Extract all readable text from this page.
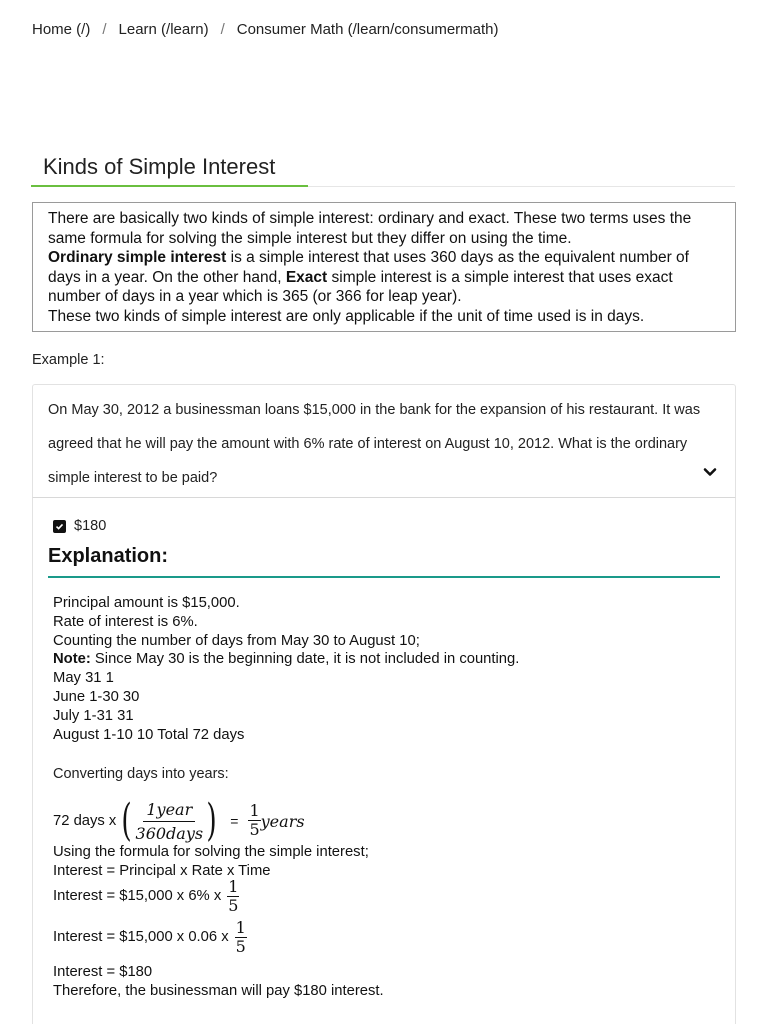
Home (/) / Learn (/learn) / Consumer Math (/learn/consumermath)
Kinds of Simple Interest
There are basically two kinds of simple interest: ordinary and exact. These two terms uses the same formula for solving the simple interest but they differ on using the time.
Ordinary simple interest is a simple interest that uses 360 days as the equivalent number of days in a year. On the other hand, Exact simple interest is a simple interest that uses exact number of days in a year which is 365 (or 366 for leap year).
These two kinds of simple interest are only applicable if the unit of time used is in days.
Example 1:
On May 30, 2012 a businessman loans $15,000 in the bank for the expansion of his restaurant. It was agreed that he will pay the amount with 6% rate of interest on August 10, 2012. What is the ordinary simple interest to be paid?
$180
Explanation:
Principal amount is $15,000.
Rate of interest is 6%.
Counting the number of days from May 30 to August 10;
Note: Since May 30 is the beginning date, it is not included in counting.
May 31 1
June 1-30 30
July 1-31 31
August 1-10 10 Total 72 days
Converting days into years:
72 days x ( $\frac{\text{1year}}{\text{360days}}$ ) = $\frac{1}{5}$ years
Using the formula for solving the simple interest;
Interest = Principal x Rate x Time
Interest = $15,000 x 6% x $\frac{1}{5}$
Interest = $15,000 x 0.06 x $\frac{1}{5}$
Interest = $180
Therefore, the businessman will pay $180 interest.
